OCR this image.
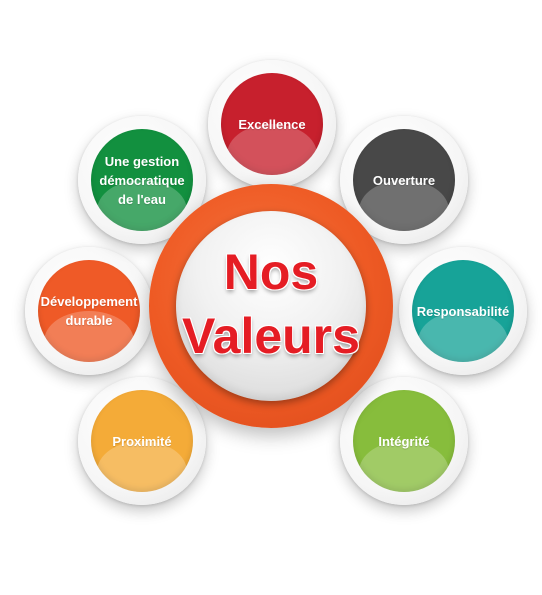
Excellence
Ouverture
Responsabilité
Intégrité
Proximité
Développement
durable
Une gestion
démocratique
de l'eau
Nos
Valeurs
